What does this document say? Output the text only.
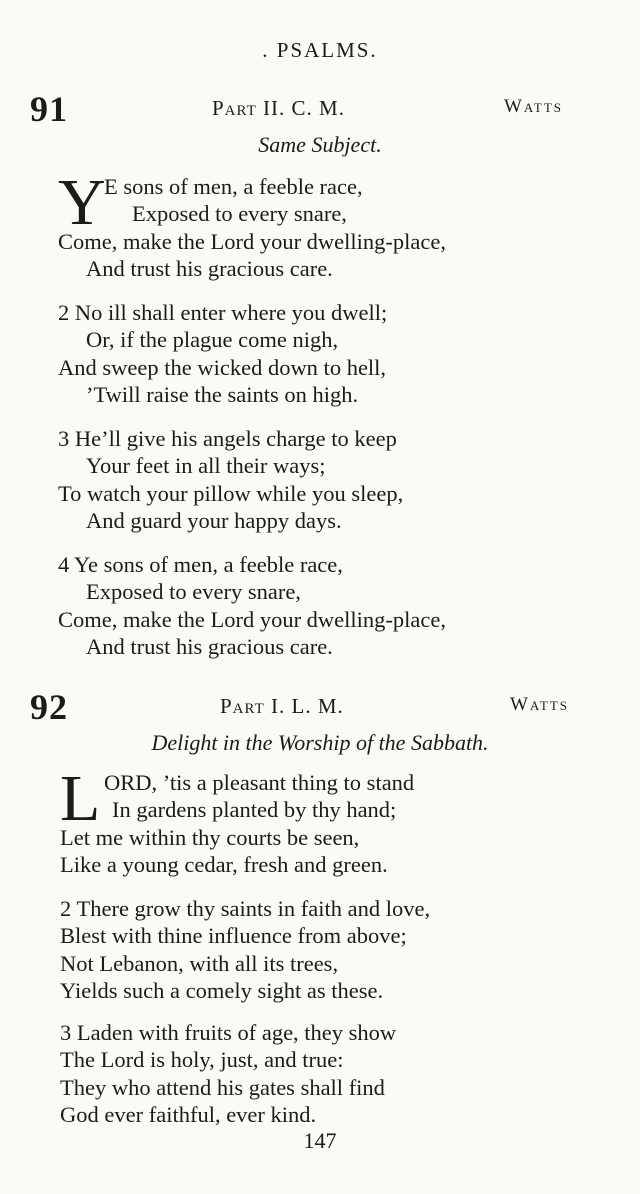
. PSALMS.
91	Part II. C. M.	Watts
Same Subject.
Y
E sons of men, a feeble race,
Exposed to every snare,
Come, make the Lord your dwelling-place,
And trust his gracious care.
2 No ill shall enter where you dwell;
Or, if the plague come nigh,
And sweep the wicked down to hell,
’Twill raise the saints on high.
3 He’ll give his angels charge to keep
Your feet in all their ways;
To watch your pillow while you sleep,
And guard your happy days.
4 Ye sons of men, a feeble race,
Exposed to every snare,
Come, make the Lord your dwelling-place,
And trust his gracious care.
92	Part I. L. M.	Watts
Delight in the Worship of the Sabbath.
L ORD, ’tis a pleasant thing to stand
In gardens planted by thy hand;
Let me within thy courts be seen,
Like a young cedar, fresh and green.
2 There grow thy saints in faith and love,
Blest with thine influence from above;
Not Lebanon, with all its trees,
Yields such a comely sight as these.
3 Laden with fruits of age, they show
The Lord is holy, just, and true:
They who attend his gates shall find
God ever faithful, ever kind.
147
